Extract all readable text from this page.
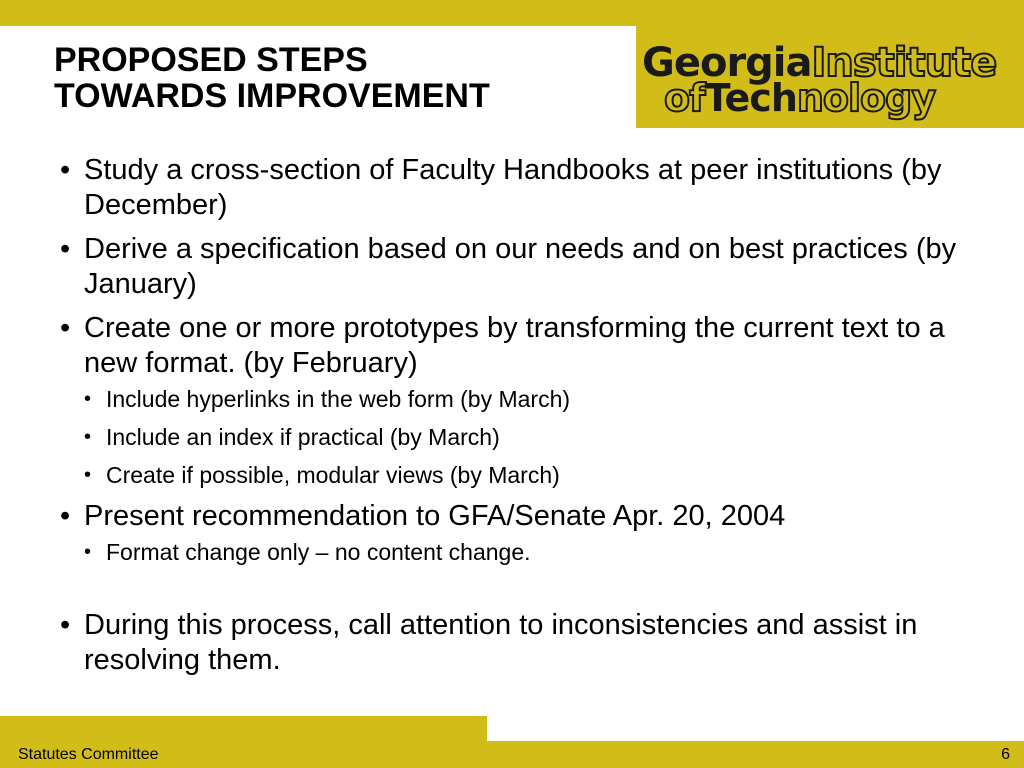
GeorgiaInstitute
ofTechnology
PROPOSED STEPS
TOWARDS IMPROVEMENT
• Study a cross-section of Faculty Handbooks at peer institutions (by December)
• Derive a specification based on our needs and on best practices (by January)
• Create one or more prototypes by transforming the current text to a new format. (by February)
• Include hyperlinks in the web form (by March)
• Include an index if practical (by March)
• Create if possible, modular views (by March)
• Present recommendation to GFA/Senate Apr. 20, 2004
• Format change only – no content change.
• During this process, call attention to inconsistencies and assist in resolving them.
Statutes Committee	6
